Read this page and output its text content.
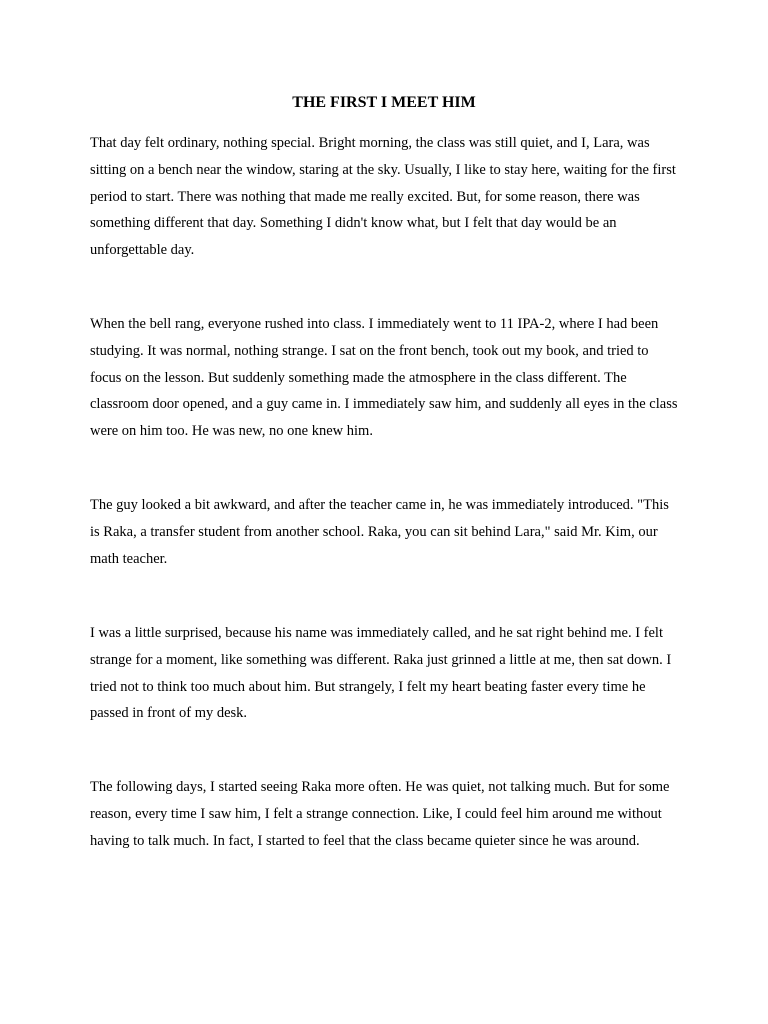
THE FIRST I MEET HIM

That day felt ordinary, nothing special. Bright morning, the class was still quiet, and I, Lara, was sitting on a bench near the window, staring at the sky. Usually, I like to stay here, waiting for the first period to start. There was nothing that made me really excited. But, for some reason, there was something different that day. Something I didn't know what, but I felt that day would be an unforgettable day.

When the bell rang, everyone rushed into class. I immediately went to 11 IPA-2, where I had been studying. It was normal, nothing strange. I sat on the front bench, took out my book, and tried to focus on the lesson. But suddenly something made the atmosphere in the class different. The classroom door opened, and a guy came in. I immediately saw him, and suddenly all eyes in the class were on him too. He was new, no one knew him.

The guy looked a bit awkward, and after the teacher came in, he was immediately introduced. "This is Raka, a transfer student from another school. Raka, you can sit behind Lara," said Mr. Kim, our math teacher.

I was a little surprised, because his name was immediately called, and he sat right behind me. I felt strange for a moment, like something was different. Raka just grinned a little at me, then sat down. I tried not to think too much about him. But strangely, I felt my heart beating faster every time he passed in front of my desk.

The following days, I started seeing Raka more often. He was quiet, not talking much. But for some reason, every time I saw him, I felt a strange connection. Like, I could feel him around me without having to talk much. In fact, I started to feel that the class became quieter since he was around.
